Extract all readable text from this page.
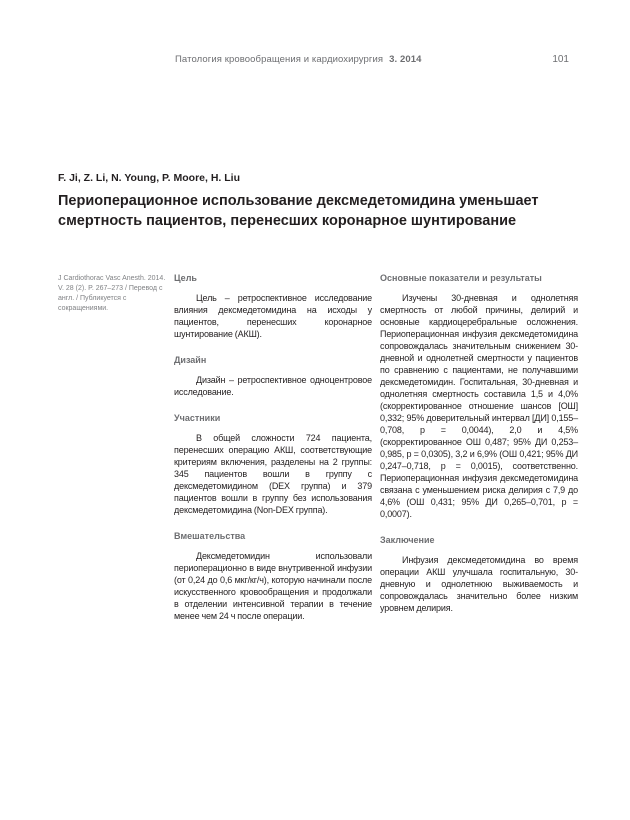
Патология кровообращения и кардиохирургия 3. 2014	101
F. Ji, Z. Li, N. Young, P. Moore, H. Liu
Периоперационное использование дексмедетомидина уменьшает смертность пациентов, перенесших коронарное шунтирование
J Cardiothorac Vasc Anesth. 2014. V. 28 (2). P. 267–273 / Перевод с англ. / Публикуется с сокращениями.
Цель

Цель – ретроспективное исследование влияния дексмедетомидина на исходы у пациентов, перенесших коронарное шунтирование (АКШ).

Дизайн

Дизайн – ретроспективное одноцентровое исследование.

Участники

В общей сложности 724 пациента, перенесших операцию АКШ, соответствующие критериям включения, разделены на 2 группы: 345 пациентов вошли в группу с дексмедетомидином (DEX группа) и 379 пациентов вошли в группу без использования дексмедетомидина (Non-DEX группа).

Вмешательства

Дексмедетомидин использовали периоперационно в виде внутривенной инфузии (от 0,24 до 0,6 мкг/кг/ч), которую начинали после искусственного кровообращения и продолжали в отделении интенсивной терапии в течение менее чем 24 ч после операции.

Основные показатели и результаты

Изучены 30-дневная и однолетняя смертность от любой причины, делирий и основные кардиоцеребральные осложнения. Периоперационная инфузия дексмедетомидина сопровождалась значительным снижением 30-дневной и однолетней смертности у пациентов по сравнению с пациентами, не получавшими дексмедетомидин. Госпитальная, 30-дневная и однолетняя смертность составила 1,5 и 4,0% (скорректированное отношение шансов [ОШ] 0,332; 95% доверительный интервал [ДИ] 0,155–0,708, р = 0,0044), 2,0 и 4,5% (скорректированное ОШ 0,487; 95% ДИ 0,253–0,985, р = 0,0305), 3,2 и 6,9% (ОШ 0,421; 95% ДИ 0,247–0,718, р = 0,0015), соответственно. Периоперационная инфузия дексмедетомидина связана с уменьшением риска делирия с 7,9 до 4,6% (ОШ 0,431; 95% ДИ 0,265–0,701, р = 0,0007).

Заключение

Инфузия дексмедетомидина во время операции АКШ улучшала госпитальную, 30-дневную и однолетнюю выживаемость и сопровождалась значительно более низким уровнем делирия.
